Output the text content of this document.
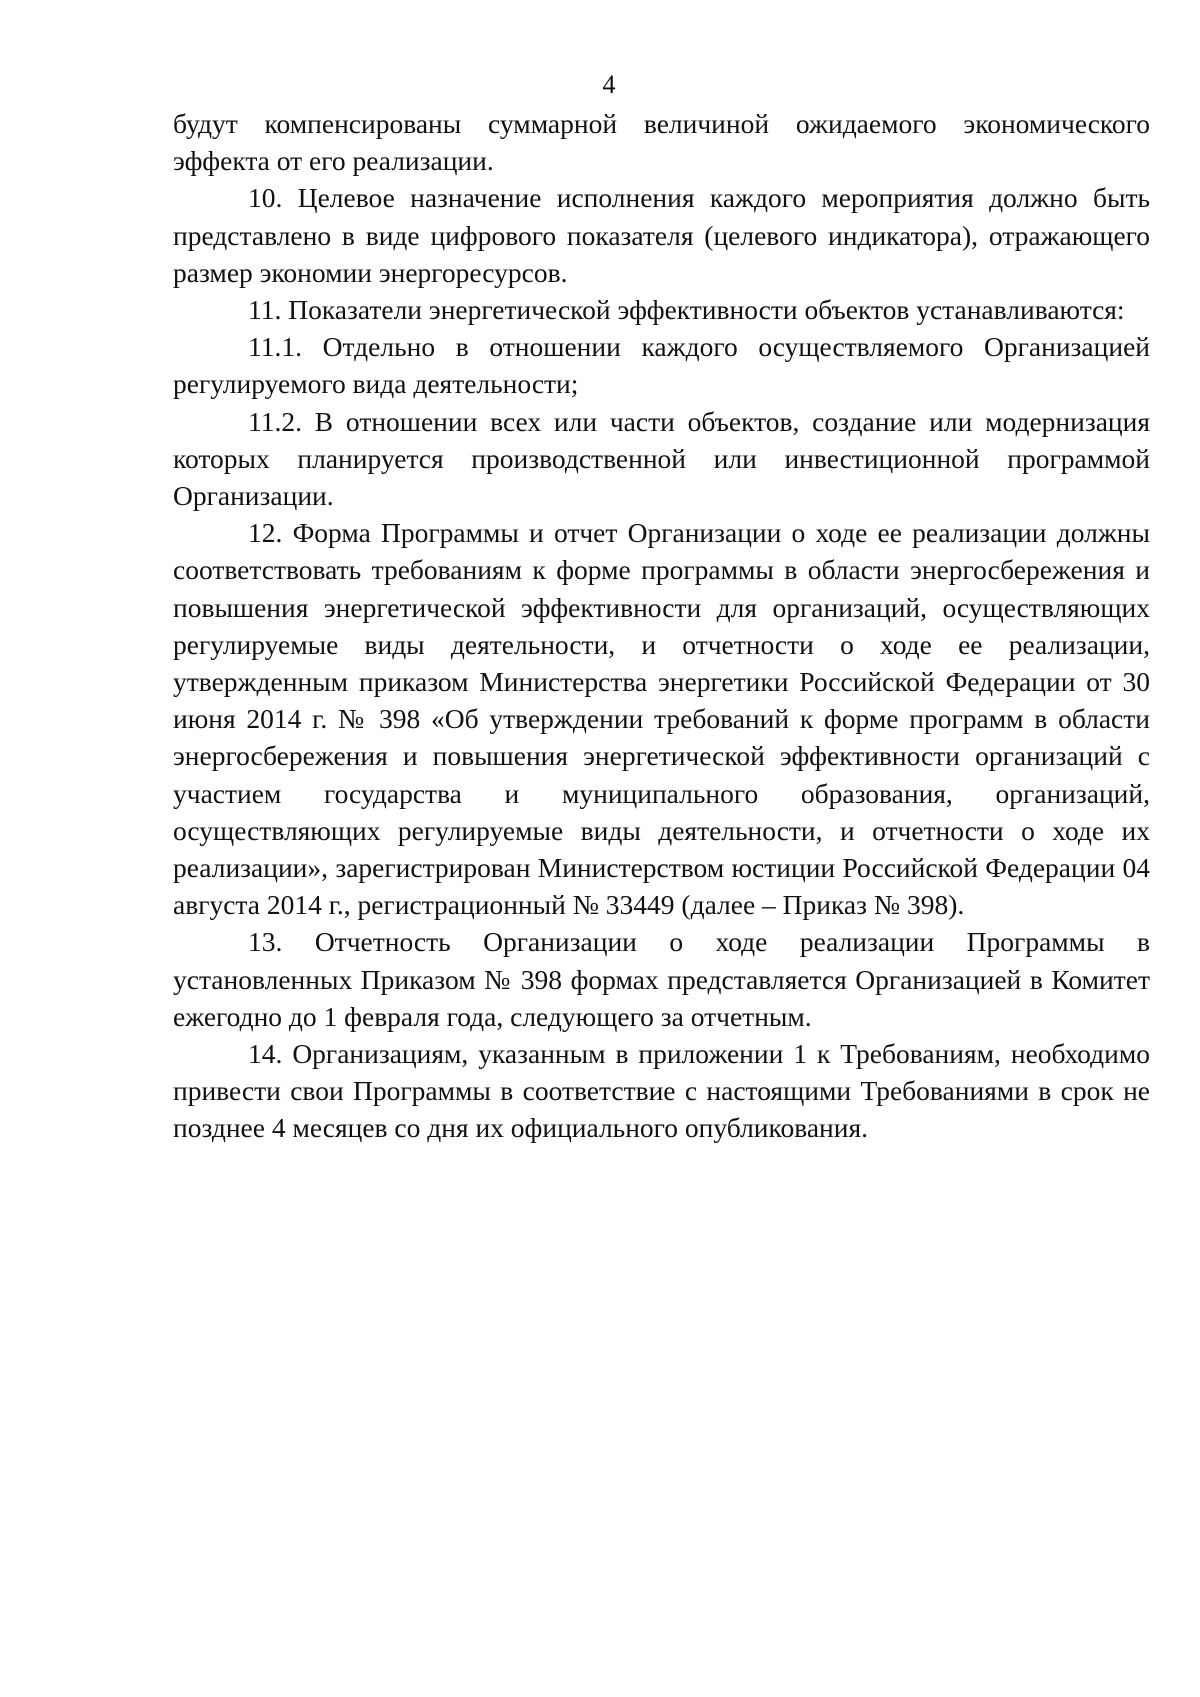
4

будут компенсированы суммарной величиной ожидаемого экономического эффекта от его реализации.

10. Целевое назначение исполнения каждого мероприятия должно быть представлено в виде цифрового показателя (целевого индикатора), отражающего размер экономии энергоресурсов.

11. Показатели энергетической эффективности объектов устанавливаются:

11.1. Отдельно в отношении каждого осуществляемого Организацией регулируемого вида деятельности;

11.2. В отношении всех или части объектов, создание или модернизация которых планируется производственной или инвестиционной программой Организации.

12. Форма Программы и отчет Организации о ходе ее реализации должны соответствовать требованиям к форме программы в области энергосбережения и повышения энергетической эффективности для организаций, осуществляющих регулируемые виды деятельности, и отчетности о ходе ее реализации, утвержденным приказом Министерства энергетики Российской Федерации от 30 июня 2014 г. № 398 «Об утверждении требований к форме программ в области энергосбережения и повышения энергетической эффективности организаций с участием государства и муниципального образования, организаций, осуществляющих регулируемые виды деятельности, и отчетности о ходе их реализации», зарегистрирован Министерством юстиции Российской Федерации 04 августа 2014 г., регистрационный № 33449 (далее – Приказ № 398).

13. Отчетность Организации о ходе реализации Программы в установленных Приказом № 398 формах представляется Организацией в Комитет ежегодно до 1 февраля года, следующего за отчетным.

14. Организациям, указанным в приложении 1 к Требованиям, необходимо привести свои Программы в соответствие с настоящими Требованиями в срок не позднее 4 месяцев со дня их официального опубликования.
